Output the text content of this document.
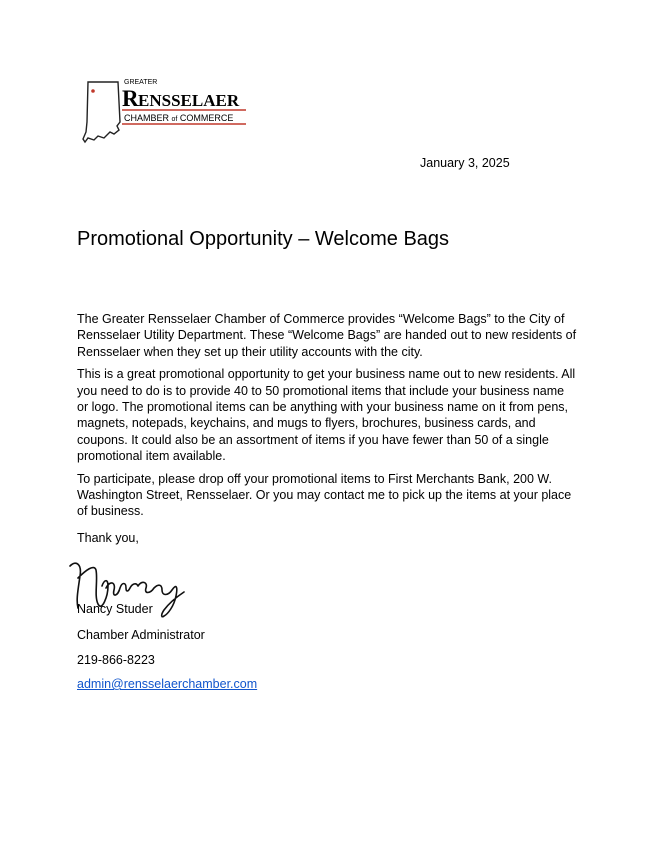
GREATER
R ENSSELAER
CHAMBER of COMMERCE
January 3, 2025
Promotional Opportunity – Welcome Bags

The Greater Rensselaer Chamber of Commerce provides “Welcome Bags” to the City of Rensselaer Utility Department. These “Welcome Bags” are handed out to new residents of Rensselaer when they set up their utility accounts with the city.

This is a great promotional opportunity to get your business name out to new residents. All you need to do is to provide 40 to 50 promotional items that include your business name or logo. The promotional items can be anything with your business name on it from pens, magnets, notepads, keychains, and mugs to flyers, brochures, business cards, and coupons. It could also be an assortment of items if you have fewer than 50 of a single promotional item available.

To participate, please drop off your promotional items to First Merchants Bank, 200 W. Washington Street, Rensselaer. Or you may contact me to pick up the items at your place of business.

Thank you,
Nancy Studer
Chamber Administrator
219-866-8223
admin@rensselaerchamber.com
